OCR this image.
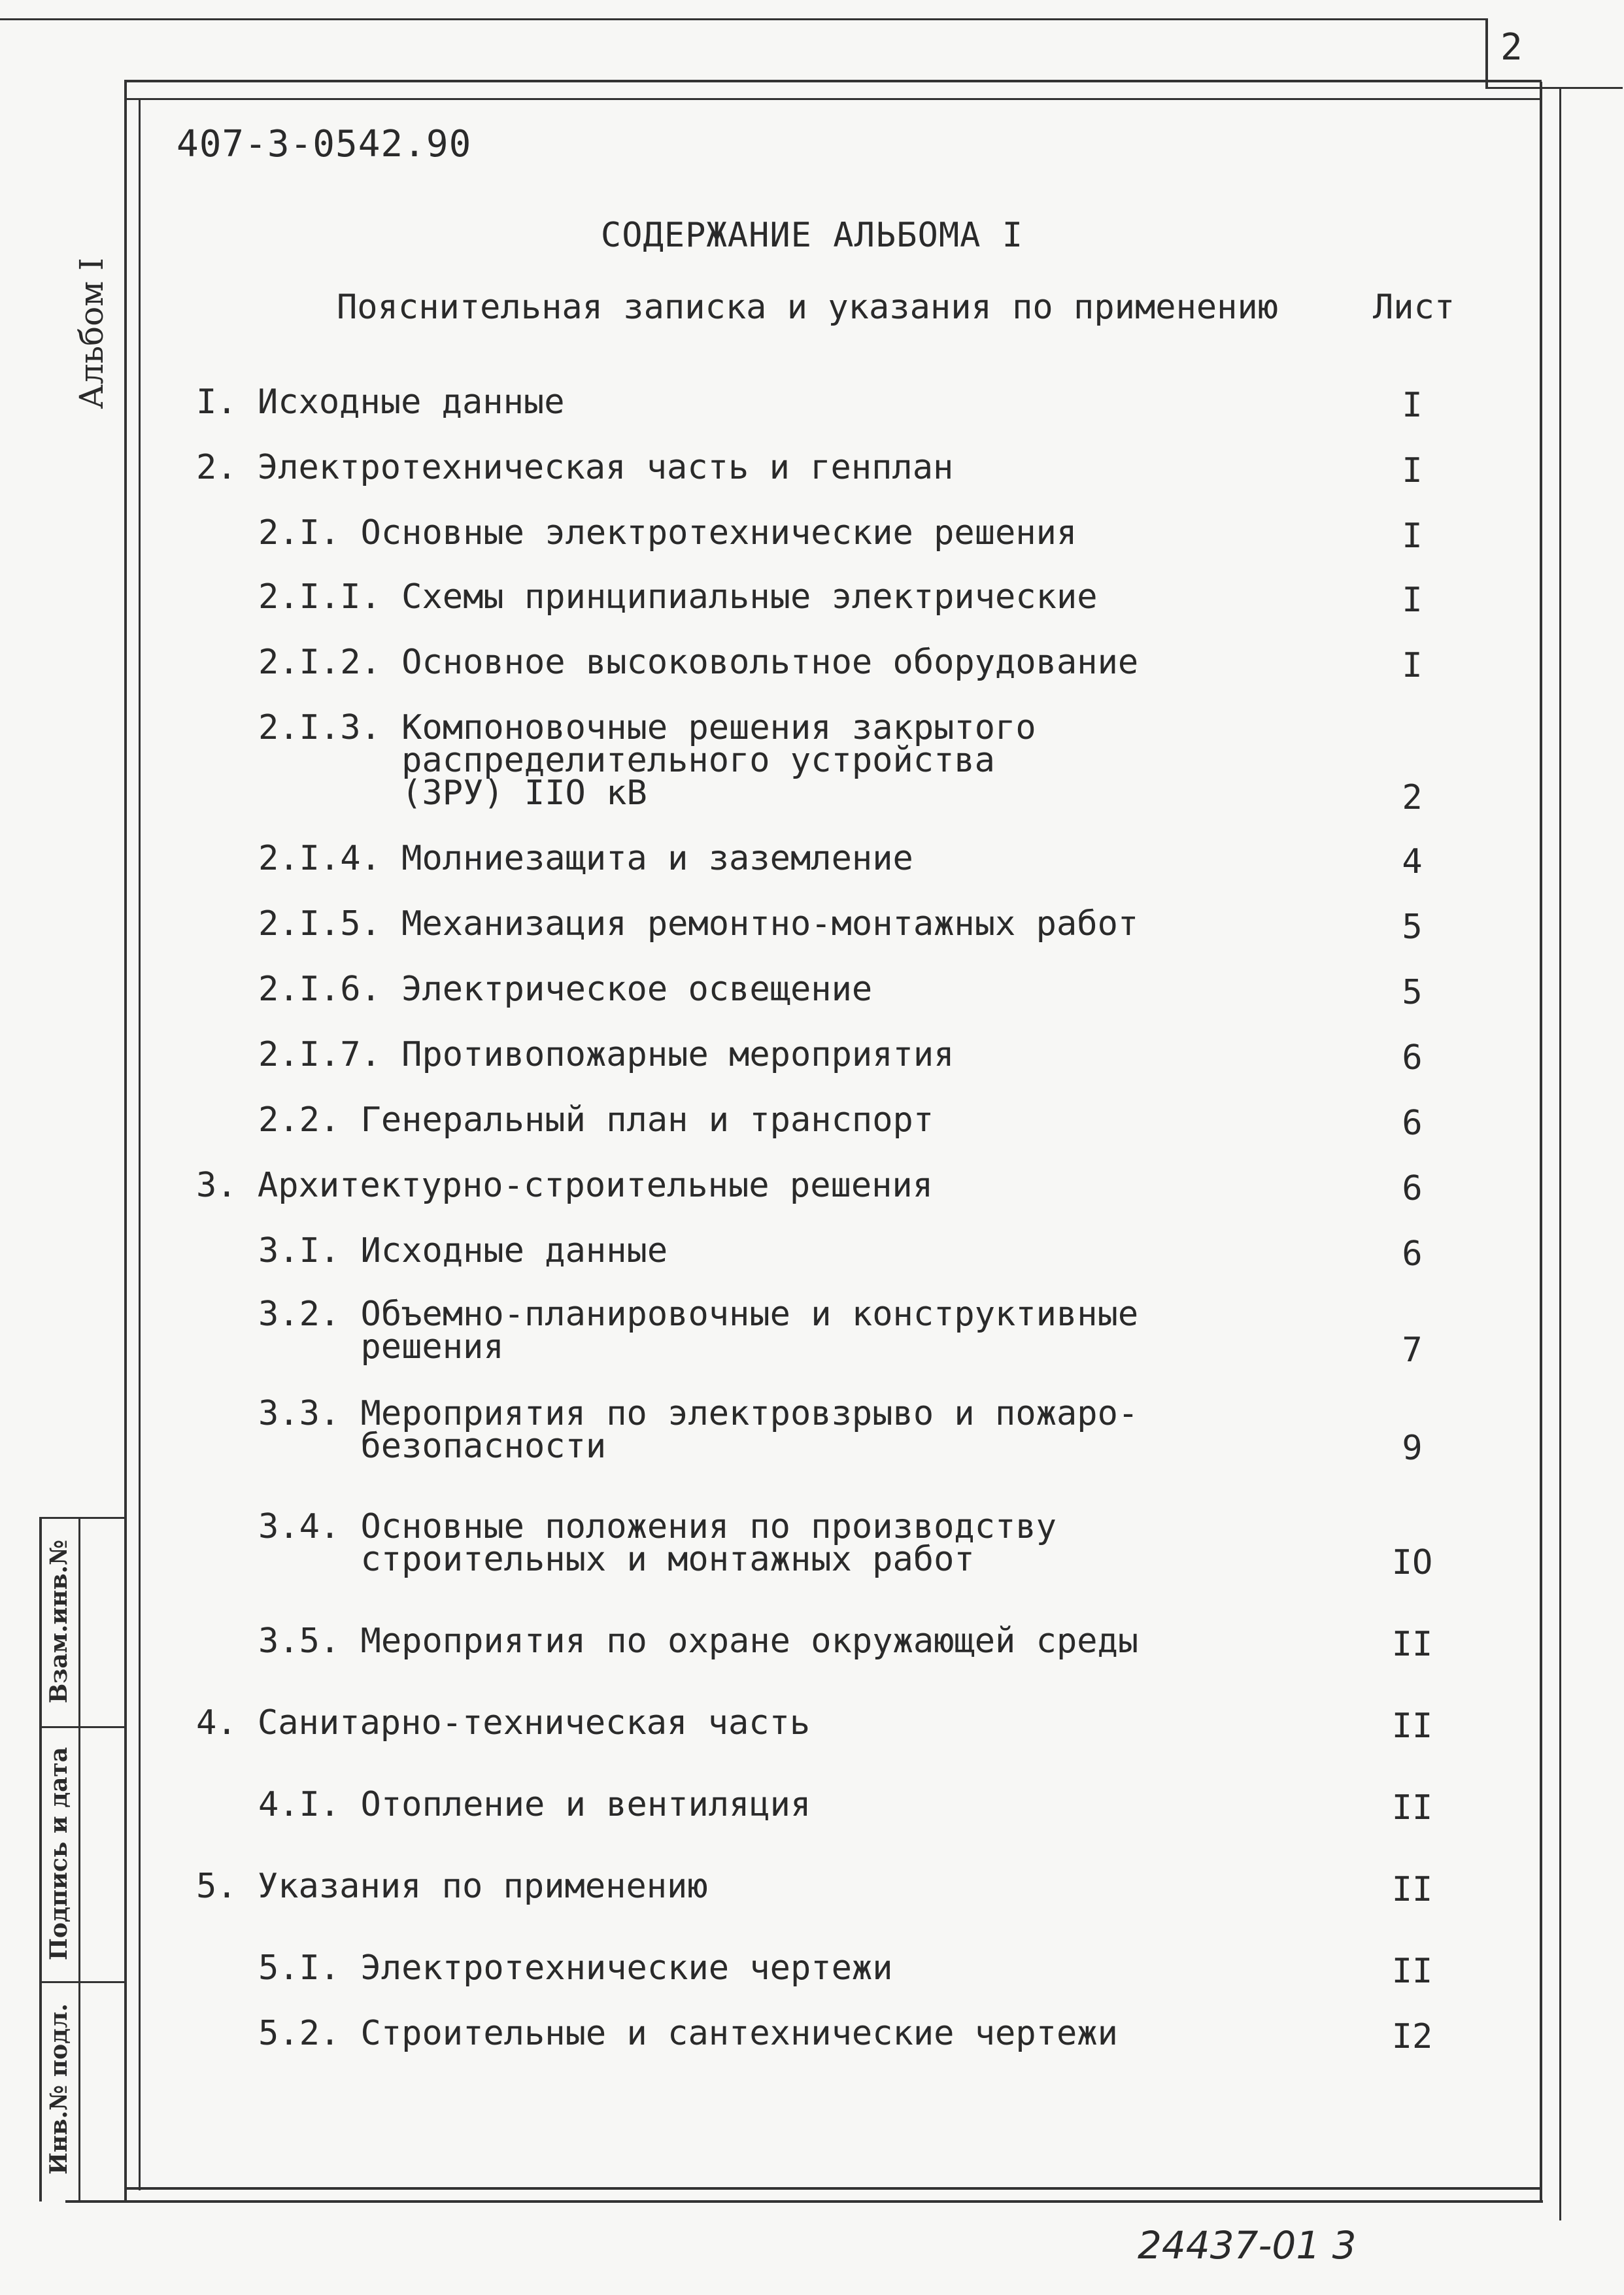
2
407-3-0542.90
Альбом I
Взам.инв.№
Подпись и дата
Инв.№ подл.
СОДЕРЖАНИЕ АЛЬБОМА I
Пояснительная записка и указания по применению	Лист
I. Исходные данные	I
2. Электротехническая часть и генплан	I
2.I. Основные электротехнические решения	I
2.I.I. Схемы принципиальные электрические	I
2.I.2. Основное высоковольтное оборудование	I
2.I.3. Компоновочные решения закрытого
распределительного устройства
(ЗРУ) IIO кВ	2
2.I.4. Молниезащита и заземление	4
2.I.5. Механизация ремонтно-монтажных работ	5
2.I.6. Электрическое освещение	5
2.I.7. Противопожарные мероприятия	6
2.2. Генеральный план и транспорт	6
3. Архитектурно-строительные решения	6
3.I. Исходные данные	6
3.2. Объемно-планировочные и конструктивные
решения	7
3.3. Мероприятия по электровзрыво и пожаро-
безопасности	9
3.4. Основные положения по производству
строительных и монтажных работ	IO
3.5. Мероприятия по охране окружающей среды	II
4. Санитарно-техническая часть	II
4.I. Отопление и вентиляция	II
5. Указания по применению	II
5.I. Электротехнические чертежи	II
5.2. Строительные и сантехнические чертежи	I2
24437-01 3
